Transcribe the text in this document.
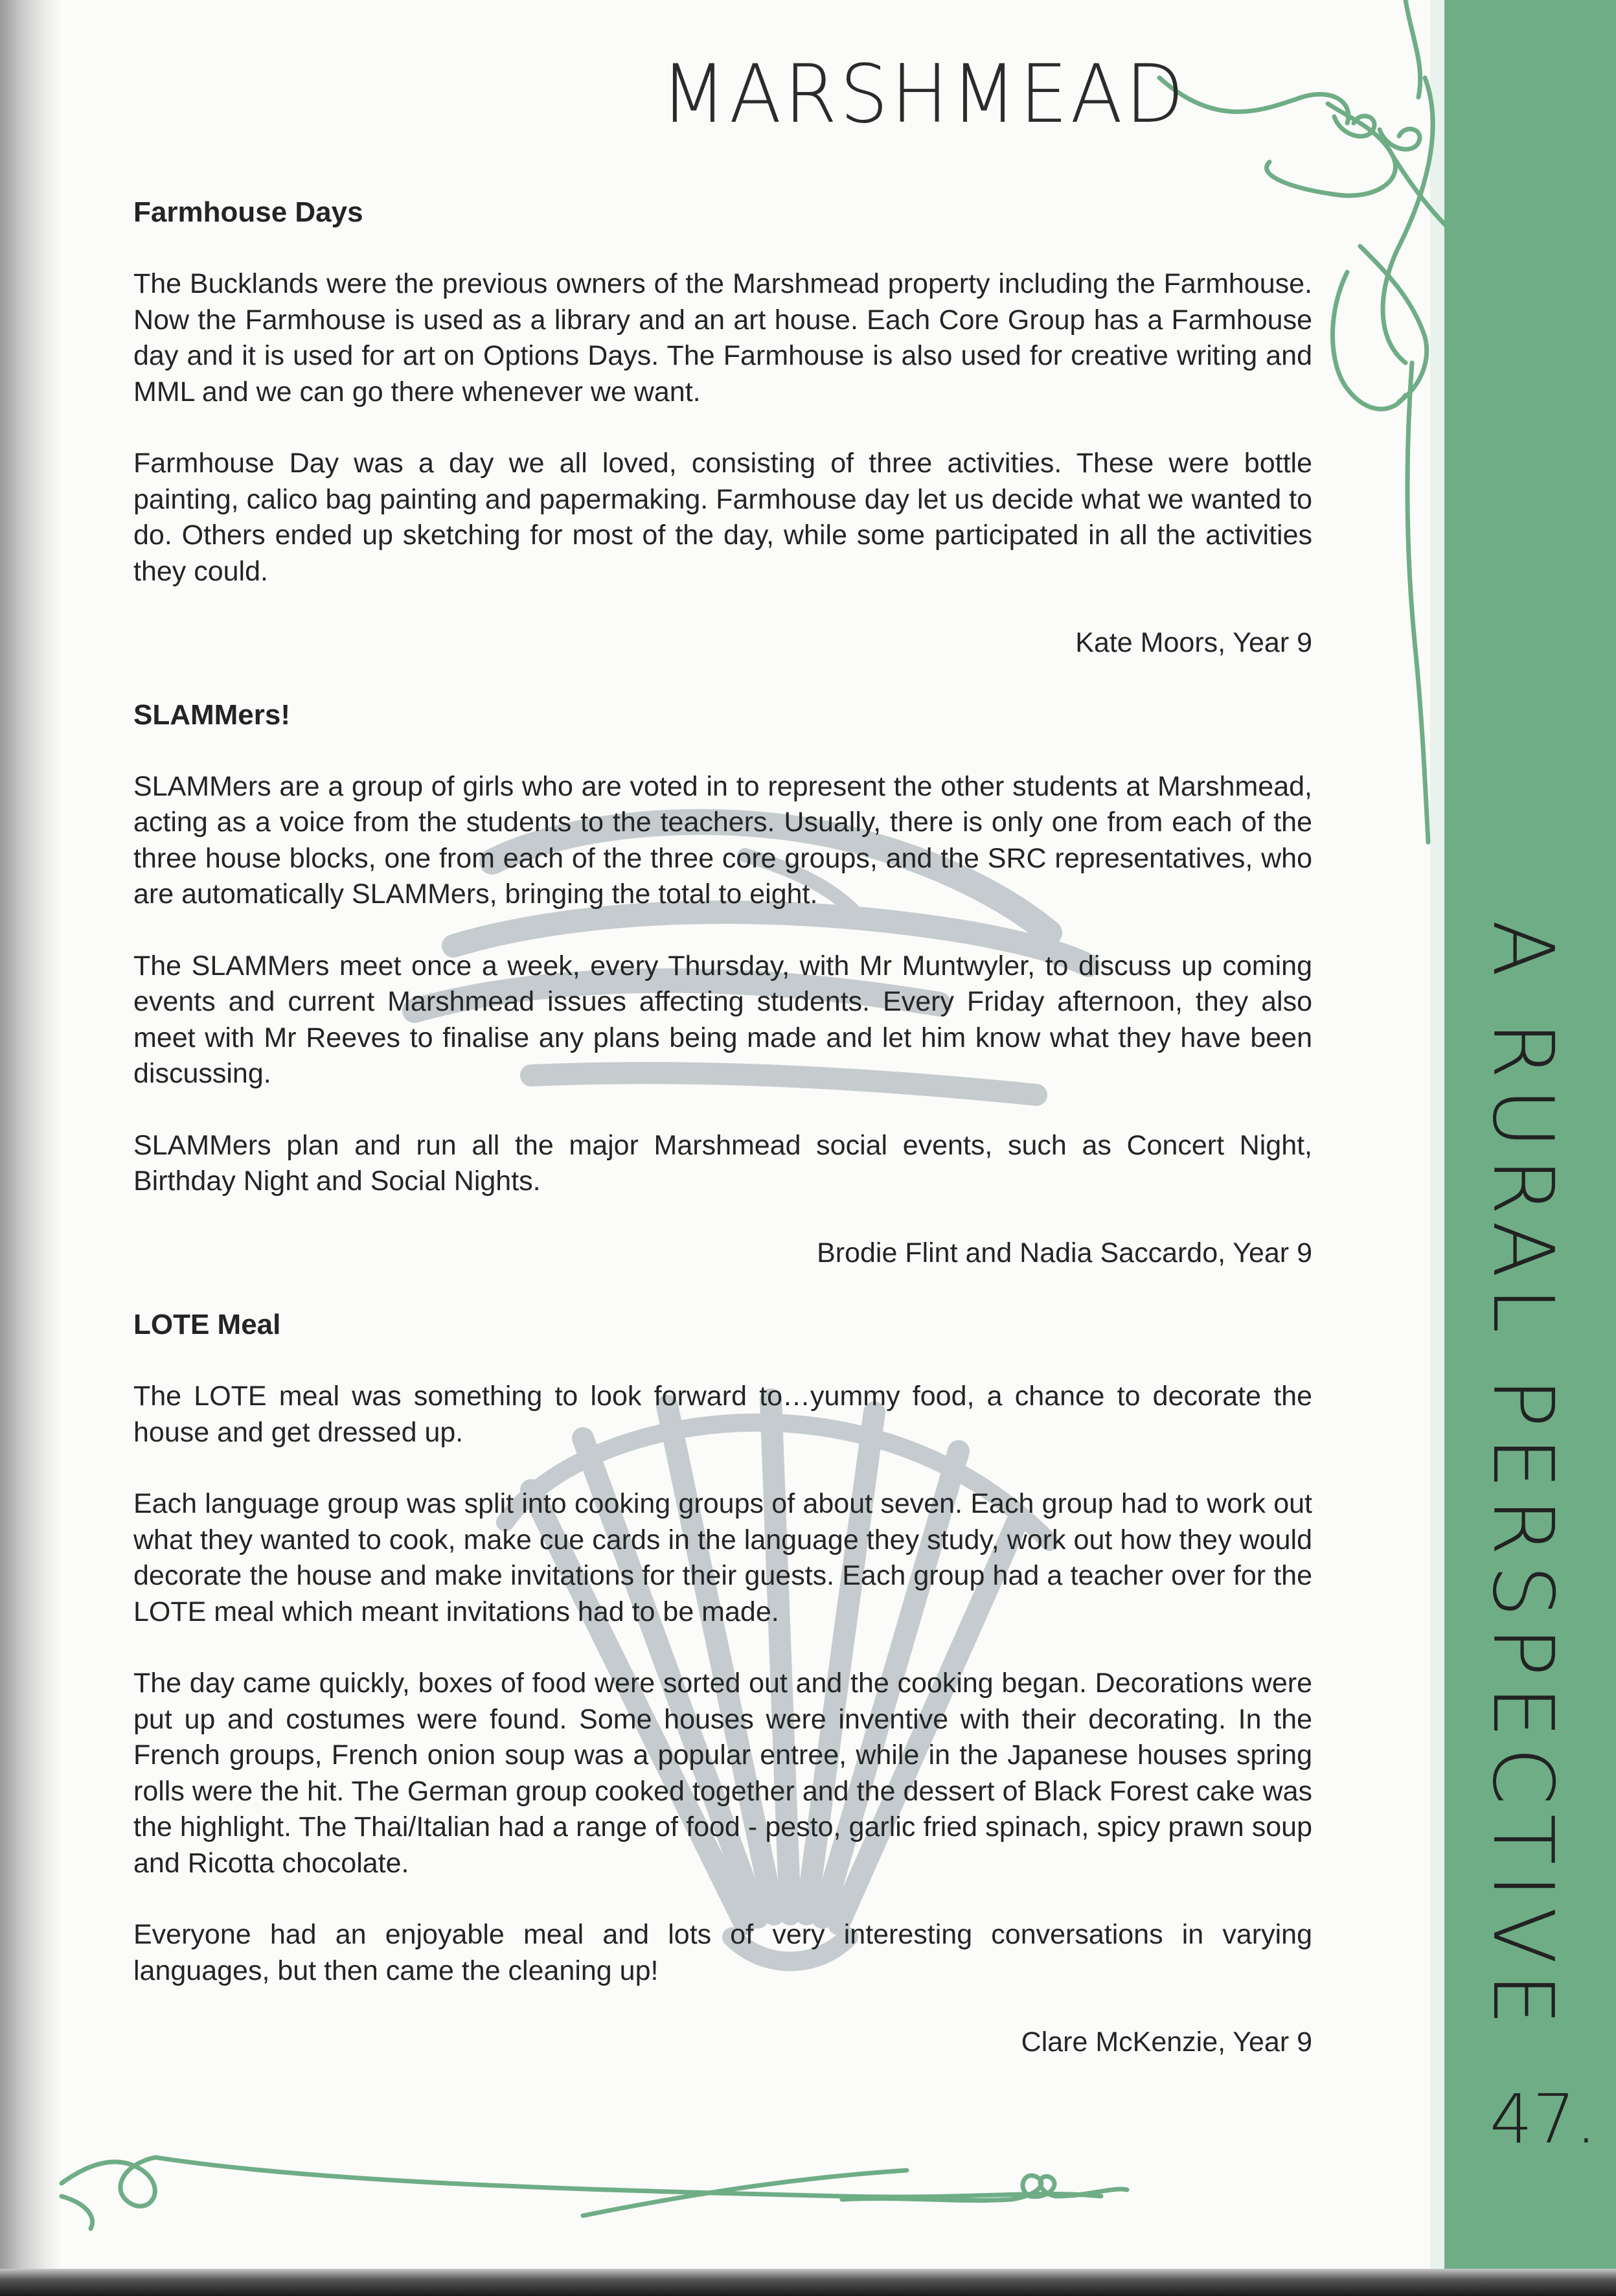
MARSHMEAD
A RURAL PERSPECTIVE
47.
Farmhouse Days

The Bucklands were the previous owners of the Marshmead property including the Farmhouse. Now the Farmhouse is used as a library and an art house. Each Core Group has a Farmhouse day and it is used for art on Options Days. The Farmhouse is also used for creative writing and MML and we can go there whenever we want.

Farmhouse Day was a day we all loved, consisting of three activities. These were bottle painting, calico bag painting and papermaking. Farmhouse day let us decide what we wanted to do. Others ended up sketching for most of the day, while some participated in all the activities they could.

Kate Moors, Year 9

SLAMMers!

SLAMMers are a group of girls who are voted in to represent the other students at Marshmead, acting as a voice from the students to the teachers. Usually, there is only one from each of the three house blocks, one from each of the three core groups, and the SRC representatives, who are automatically SLAMMers, bringing the total to eight.

The SLAMMers meet once a week, every Thursday, with Mr Muntwyler, to discuss up coming events and current Marshmead issues affecting students. Every Friday afternoon, they also meet with Mr Reeves to finalise any plans being made and let him know what they have been discussing.

SLAMMers plan and run all the major Marshmead social events, such as Concert Night, Birthday Night and Social Nights.

Brodie Flint and Nadia Saccardo, Year 9

LOTE Meal

The LOTE meal was something to look forward to…yummy food, a chance to decorate the house and get dressed up.

Each language group was split into cooking groups of about seven. Each group had to work out what they wanted to cook, make cue cards in the language they study, work out how they would decorate the house and make invitations for their guests. Each group had a teacher over for the LOTE meal which meant invitations had to be made.

The day came quickly, boxes of food were sorted out and the cooking began. Decorations were put up and costumes were found. Some houses were inventive with their decorating. In the French groups, French onion soup was a popular entree, while in the Japanese houses spring rolls were the hit. The German group cooked together and the dessert of Black Forest cake was the highlight. The Thai/Italian had a range of food - pesto, garlic fried spinach, spicy prawn soup and Ricotta chocolate.

Everyone had an enjoyable meal and lots of very interesting conversations in varying languages, but then came the cleaning up!

Clare McKenzie, Year 9
